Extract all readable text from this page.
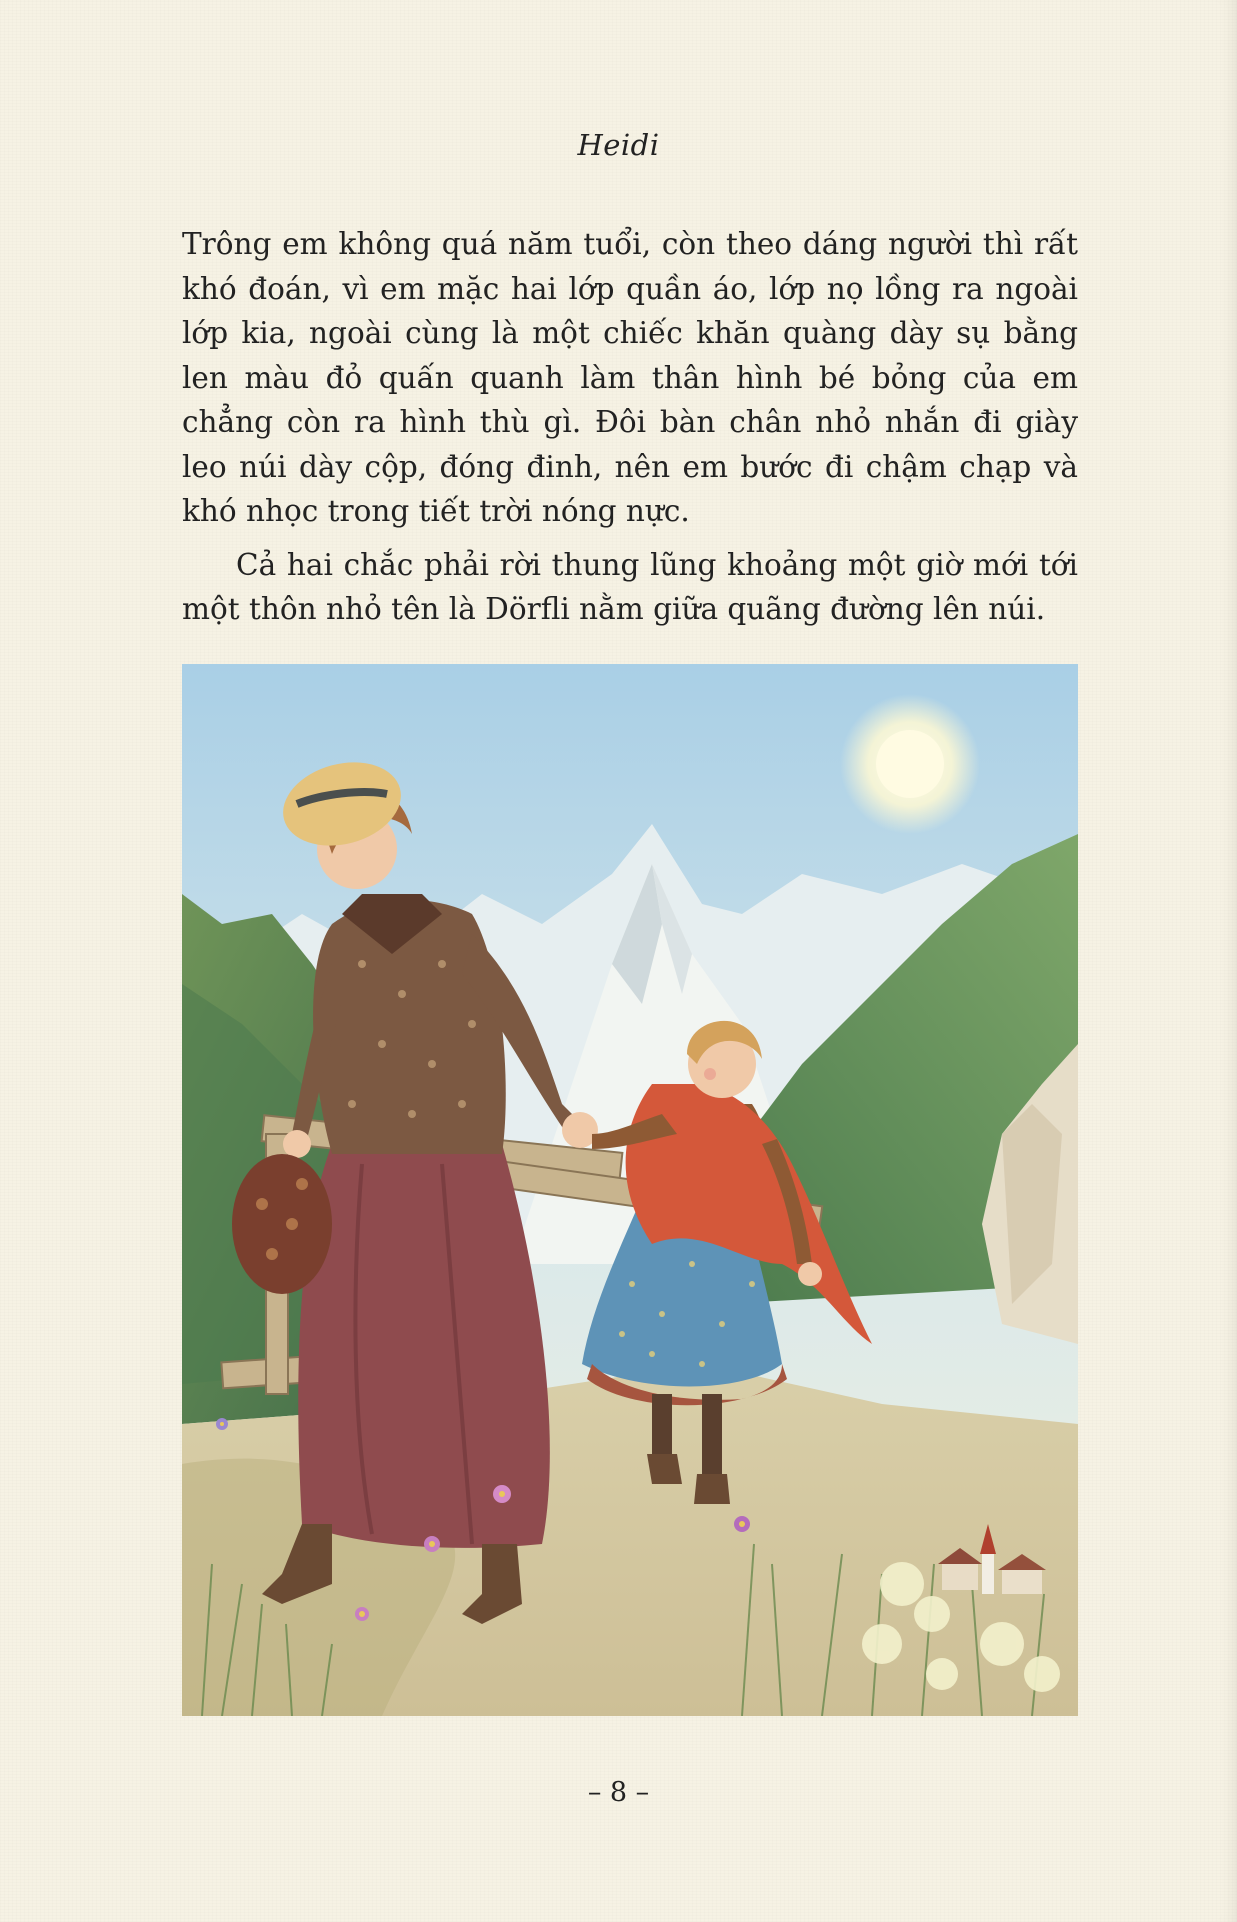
Heidi

Trông em không quá năm tuổi, còn theo dáng người thì rất khó đoán, vì em mặc hai lớp quần áo, lớp nọ lồng ra ngoài lớp kia, ngoài cùng là một chiếc khăn quàng dày sụ bằng len màu đỏ quấn quanh làm thân hình bé bỏng của em chẳng còn ra hình thù gì. Đôi bàn chân nhỏ nhắn đi giày leo núi dày cộp, đóng đinh, nên em bước đi chậm chạp và khó nhọc trong tiết trời nóng nực.

Cả hai chắc phải rời thung lũng khoảng một giờ mới tới một thôn nhỏ tên là Dörfli nằm giữa quãng đường lên núi.

– 8 –
